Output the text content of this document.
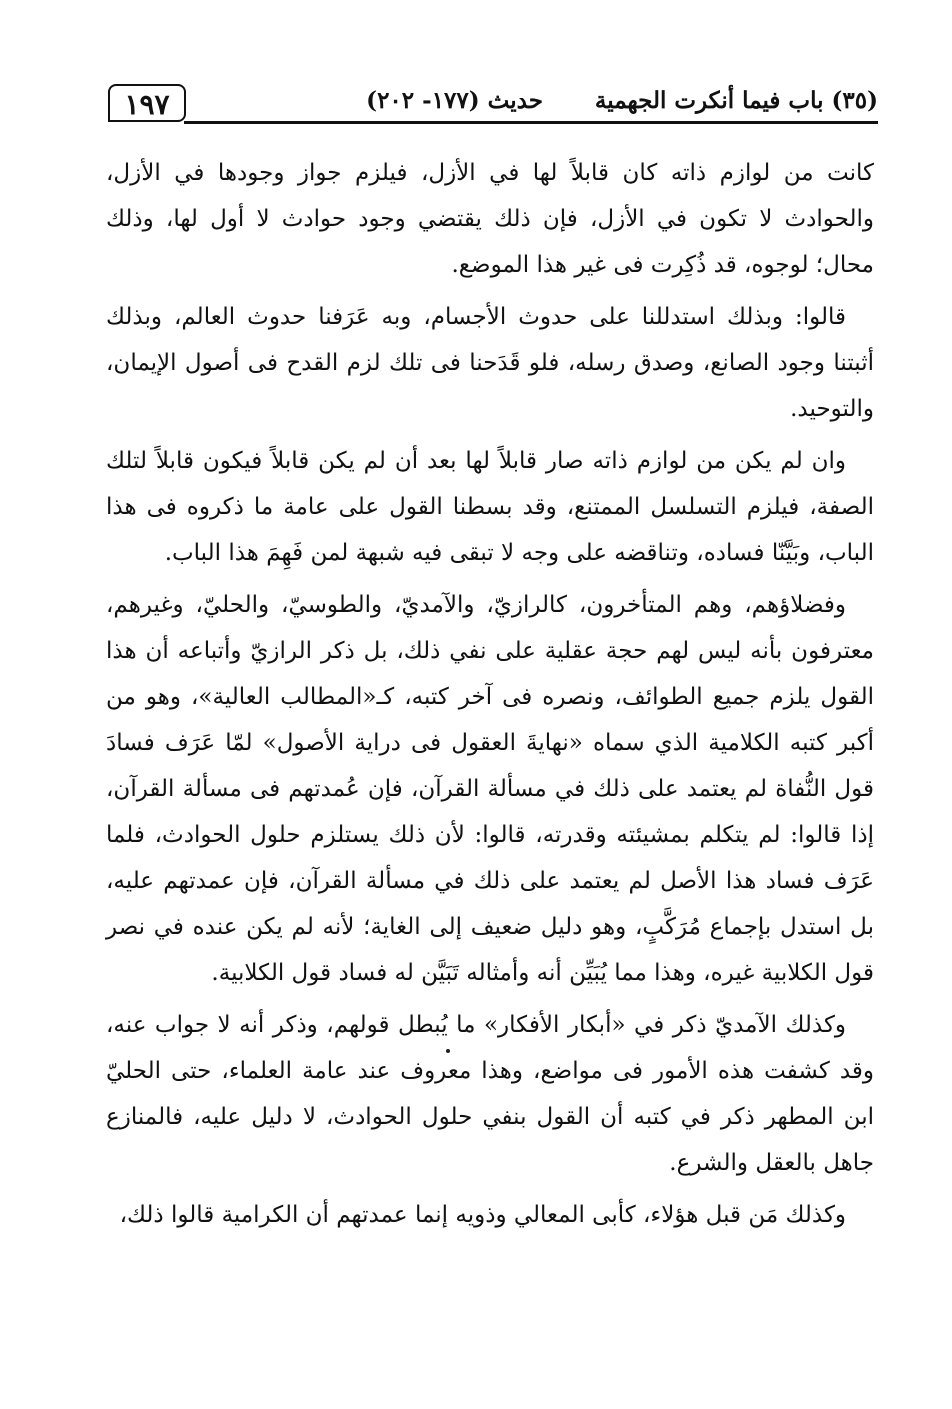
١٩٧	(٣٥) باب فيما أنكرت الجهمية
حديث (١٧٧- ٢٠٢)

كانت من لوازم ذاته كان قابلاً لها في الأزل، فيلزم جواز وجودها في الأزل، والحوادث لا تكون في الأزل، فإن ذلك يقتضي وجود حوادث لا أول لها، وذلك محال؛ لوجوه، قد ذُكِرت فى غير هذا الموضع.

قالوا: وبذلك استدللنا على حدوث الأجسام، وبه عَرَفنا حدوث العالم، وبذلك أثبتنا وجود الصانع، وصدق رسله، فلو قَدَحنا فى تلك لزم القدح فى أصول الإيمان، والتوحيد.

وان لم يكن من لوازم ذاته صار قابلاً لها بعد أن لم يكن قابلاً فيكون قابلاً لتلك الصفة، فيلزم التسلسل الممتنع، وقد بسطنا القول على عامة ما ذكروه فى هذا الباب، وبَيَّنّا فساده، وتناقضه على وجه لا تبقى فيه شبهة لمن فَهِمَ هذا الباب.

وفضلاؤهم، وهم المتأخرون، كالرازيّ، والآمديّ، والطوسيّ، والحليّ، وغيرهم، معترفون بأنه ليس لهم حجة عقلية على نفي ذلك، بل ذكر الرازيّ وأتباعه أن هذا القول يلزم جميع الطوائف، ونصره فى آخر كتبه، كـ«المطالب العالية»، وهو من أكبر كتبه الكلامية الذي سماه «نهايةَ العقول فى دراية الأصول» لمّا عَرَف فسادَ قول النُّفاة لم يعتمد على ذلك في مسألة القرآن، فإن عُمدتهم فى مسألة القرآن، إذا قالوا: لم يتكلم بمشيئته وقدرته، قالوا: لأن ذلك يستلزم حلول الحوادث، فلما عَرَف فساد هذا الأصل لم يعتمد على ذلك في مسألة القرآن، فإن عمدتهم عليه، بل استدل بإجماع مُرَكَّبٍ، وهو دليل ضعيف إلى الغاية؛ لأنه لم يكن عنده في نصر قول الكلابية غيره، وهذا مما يُبَيِّن أنه وأمثاله تَبَيَّن له فساد قول الكلابية.

وكذلك الآمديّ ذكر في «أبكار الأفكار» ما يُبطل قولهم، وذكر أنه لا جواب عنه، وقد كشفت هذه الأمور فى مواضع، وهذا معروف عند عامة العلماء، حتى الحليّ ابن المطهر ذكر في كتبه أن القول بنفي حلول الحوادث، لا دليل عليه، فالمنازع جاهل بالعقل والشرع.

وكذلك مَن قبل هؤلاء، كأبى المعالي وذويه إنما عمدتهم أن الكرامية قالوا ذلك،
